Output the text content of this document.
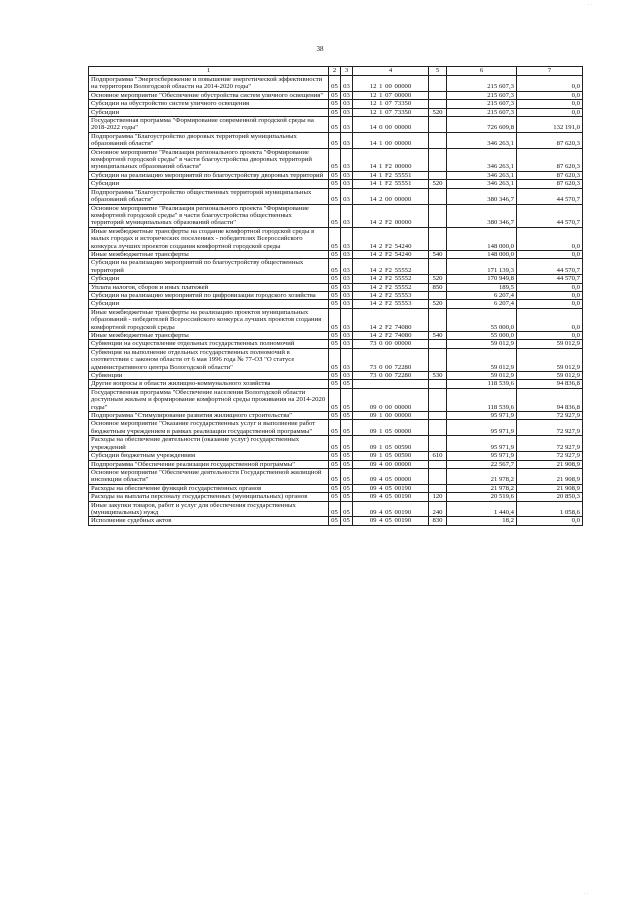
38
1	2	3	4	5	6	7
Подпрограмма "Энергосбережение и повышение энергетической эффективности на территории Вологодской области на 2014-2020 годы"	05	03	12 1 00 00000		215 607,3	0,0
Основное мероприятие "Обеспечение обустройства систем уличного освещения"	05	03	12 1 07 00000		215 607,3	0,0
Субсидии на обустройство систем уличного освещения	05	03	12 1 07 73350		215 607,3	0,0
Субсидии	05	03	12 1 07 73350	520	215 607,3	0,0
Государственная программа "Формирование современной городской среды на 2018-2022 годы"	05	03	14 0 00 00000		726 609,8	132 191,0
Подпрограмма "Благоустройство дворовых территорий муниципальных образований области"	05	03	14 1 00 00000		346 263,1	87 620,3
Основное мероприятие "Реализация регионального проекта "Формирование комфортной городской среды" в части благоустройства дворовых территорий муниципальных образований области"	05	03	14 1 F2 00000		346 263,1	87 620,3
Субсидии на реализацию мероприятий по благоустройству дворовых территорий	05	03	14 1 F2 55551		346 263,1	87 620,3
Субсидии	05	03	14 1 F2 55551	520	346 263,1	87 620,3
Подпрограмма "Благоустройство общественных территорий муниципальных образований области"	05	03	14 2 00 00000		380 346,7	44 570,7
Основное мероприятие "Реализация регионального проекта "Формирование комфортной городской среды" в части благоустройства общественных территорий муниципальных образований области"	05	03	14 2 F2 00000		380 346,7	44 570,7
Иные межбюджетные трансферты на создание комфортной городской среды в малых городах и исторических поселениях - победителях Всероссийского конкурса лучших проектов создания комфортной городской среды	05	03	14 2 F2 54240		148 000,0	0,0
Иные межбюджетные трансферты	05	03	14 2 F2 54240	540	148 000,0	0,0
Субсидии на реализацию мероприятий по благоустройству общественных территорий	05	03	14 2 F2 55552		171 139,3	44 570,7
Субсидии	05	03	14 2 F2 55552	520	170 949,8	44 570,7
Уплата налогов, сборов и иных платежей	05	03	14 2 F2 55552	850	189,5	0,0
Субсидии на реализацию мероприятий по цифровизации городского хозяйства	05	03	14 2 F2 55553		6 207,4	0,0
Субсидии	05	03	14 2 F2 55553	520	6 207,4	0,0
Иные межбюджетные трансферты на реализацию проектов муниципальных образований - победителей Всероссийского конкурса лучших проектов создания комфортной городской среды	05	03	14 2 F2 74080		55 000,0	0,0
Иные межбюджетные трансферты	05	03	14 2 F2 74080	540	55 000,0	0,0
Субвенции на осуществление отдельных государственных полномочий	05	03	73 0 00 00000		59 012,9	59 012,9
Субвенция на выполнение отдельных государственных полномочий в соответствии с законом области от 6 мая 1996 года № 77-ОЗ "О статусе административного центра Вологодской области"	05	03	73 0 00 72280		59 012,9	59 012,9
Субвенции	05	03	73 0 00 72280	530	59 012,9	59 012,9
Другие вопросы в области жилищно-коммунального хозяйства	05	05			118 539,6	94 836,8
Государственная программа "Обеспечение населения Вологодской области доступным жильем и формирование комфортной среды проживания на 2014-2020 годы"	05	05	09 0 00 00000		118 539,6	94 836,8
Подпрограмма "Стимулирование развития жилищного строительства"	05	05	09 1 00 00000		95 971,9	72 927,9
Основное мероприятие "Оказание государственных услуг и выполнение работ бюджетным учреждением в рамках реализации государственной программы"	05	05	09 1 05 00000		95 971,9	72 927,9
Расходы на обеспечение деятельности (оказание услуг) государственных учреждений	05	05	09 1 05 00590		95 971,9	72 927,9
Субсидии бюджетным учреждениям	05	05	09 1 05 00590	610	95 971,9	72 927,9
Подпрограмма "Обеспечение реализации государственной программы"	05	05	09 4 00 00000		22 567,7	21 908,9
Основное мероприятие "Обеспечение деятельности Государственной жилищной инспекции области"	05	05	09 4 05 00000		21 978,2	21 908,9
Расходы на обеспечение функций государственных органов	05	05	09 4 05 00190		21 978,2	21 908,9
Расходы на выплаты персоналу государственных (муниципальных) органов	05	05	09 4 05 00190	120	20 519,6	20 850,3
Иные закупки товаров, работ и услуг для обеспечения государственных (муниципальных) нужд	05	05	09 4 05 00190	240	1 440,4	1 058,6
Исполнение судебных актов	05	05	09 4 05 00190	830	18,2	0,0
· ·
· ·
